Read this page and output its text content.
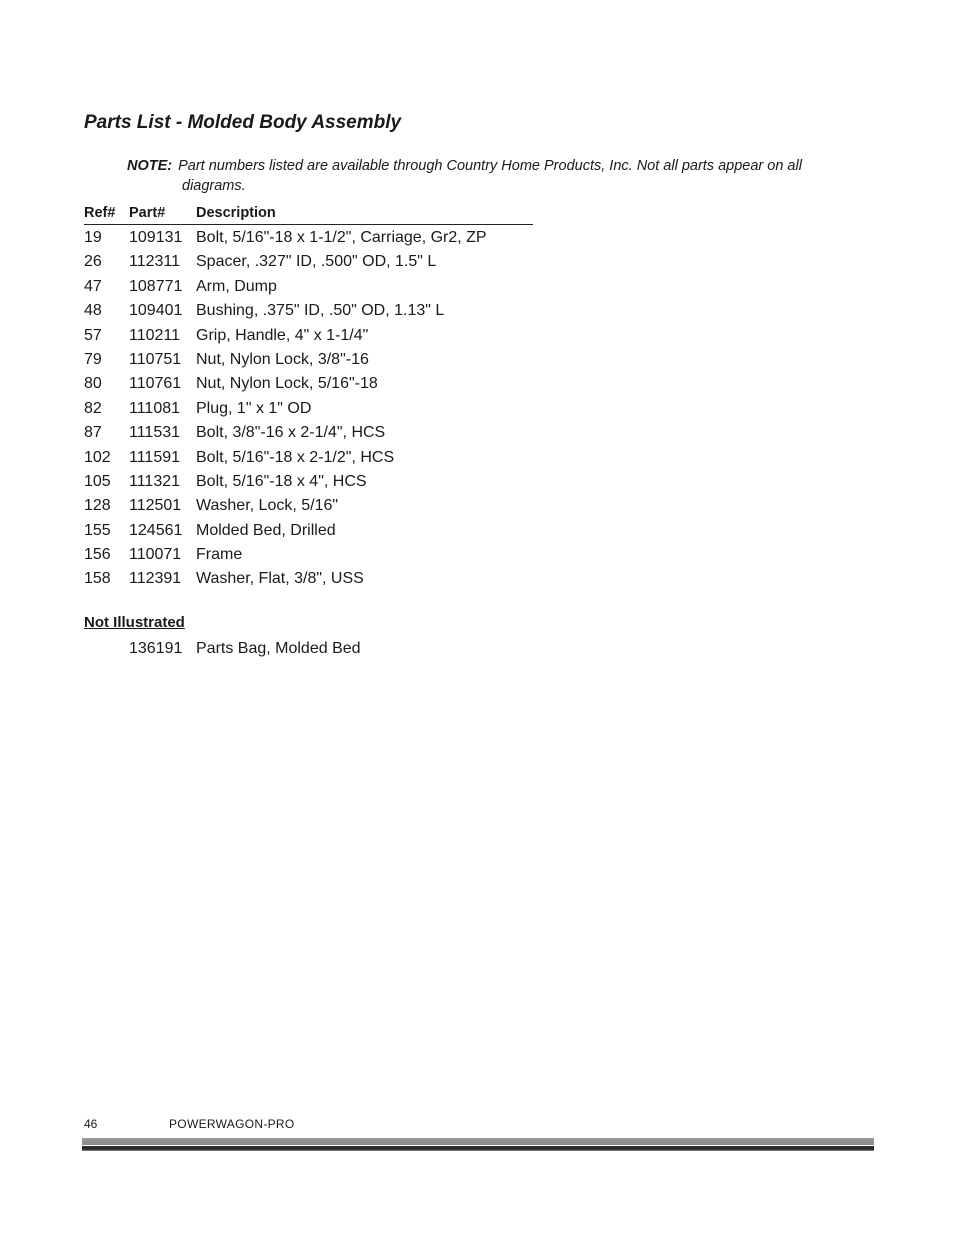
Parts List - Molded Body Assembly
NOTE: Part numbers listed are available through Country Home Products, Inc. Not all parts appear on all
diagrams.
Ref# Part# Description
19 109131 Bolt, 5/16"-18 x 1-1/2", Carriage, Gr2, ZP
26 112311 Spacer, .327" ID, .500" OD, 1.5" L
47 108771 Arm, Dump
48 109401 Bushing, .375" ID, .50" OD, 1.13" L
57 110211 Grip, Handle, 4" x 1-1/4"
79 110751 Nut, Nylon Lock, 3/8"-16
80 110761 Nut, Nylon Lock, 5/16"-18
82 111081 Plug, 1" x 1" OD
87 111531 Bolt, 3/8"-16 x 2-1/4", HCS
102 111591 Bolt, 5/16"-18 x 2-1/2", HCS
105 111321 Bolt, 5/16"-18 x 4", HCS
128 112501 Washer, Lock, 5/16"
155 124561 Molded Bed, Drilled
156 110071 Frame
158 112391 Washer, Flat, 3/8", USS
Not Illustrated
136191 Parts Bag, Molded Bed
46	POWERWAGON-PRO
